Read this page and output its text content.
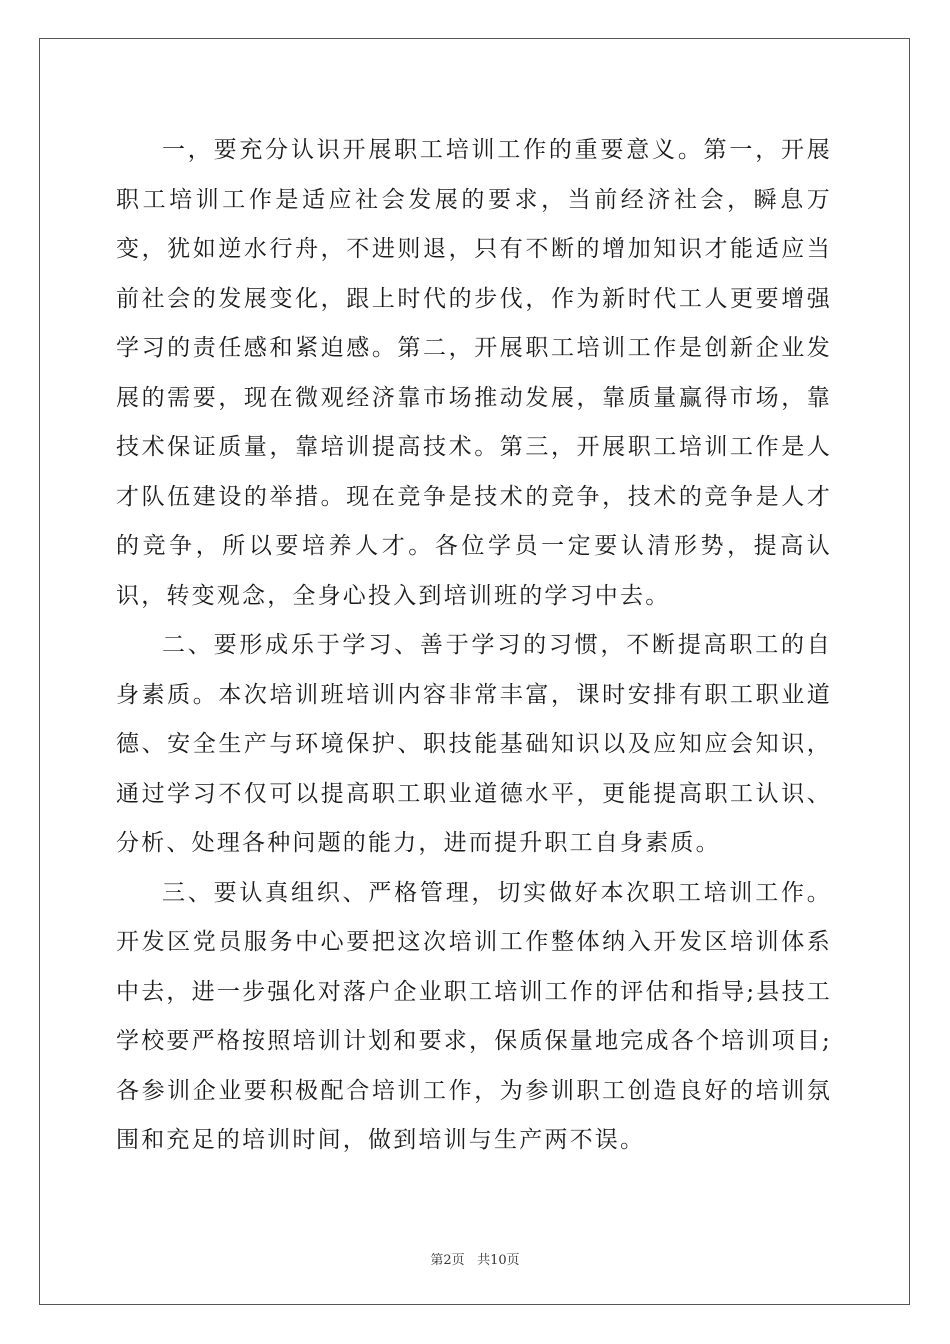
一，要充分认识开展职工培训工作的重要意义。第一，开展职工培训工作是适应社会发展的要求，当前经济社会，瞬息万变，犹如逆水行舟，不进则退，只有不断的增加知识才能适应当前社会的发展变化，跟上时代的步伐，作为新时代工人更要增强学习的责任感和紧迫感。第二，开展职工培训工作是创新企业发展的需要，现在微观经济靠市场推动发展，靠质量赢得市场，靠技术保证质量，靠培训提高技术。第三，开展职工培训工作是人才队伍建设的举措。现在竞争是技术的竞争，技术的竞争是人才的竞争，所以要培养人才。各位学员一定要认清形势，提高认识，转变观念，全身心投入到培训班的学习中去。

二、要形成乐于学习、善于学习的习惯，不断提高职工的自身素质。本次培训班培训内容非常丰富，课时安排有职工职业道德、安全生产与环境保护、职技能基础知识以及应知应会知识，通过学习不仅可以提高职工职业道德水平，更能提高职工认识、分析、处理各种问题的能力，进而提升职工自身素质。

三、要认真组织、严格管理，切实做好本次职工培训工作。开发区党员服务中心要把这次培训工作整体纳入开发区培训体系中去，进一步强化对落户企业职工培训工作的评估和指导;县技工学校要严格按照培训计划和要求，保质保量地完成各个培训项目;各参训企业要积极配合培训工作，为参训职工创造良好的培训氛围和充足的培训时间，做到培训与生产两不误。

第2页 共10页
